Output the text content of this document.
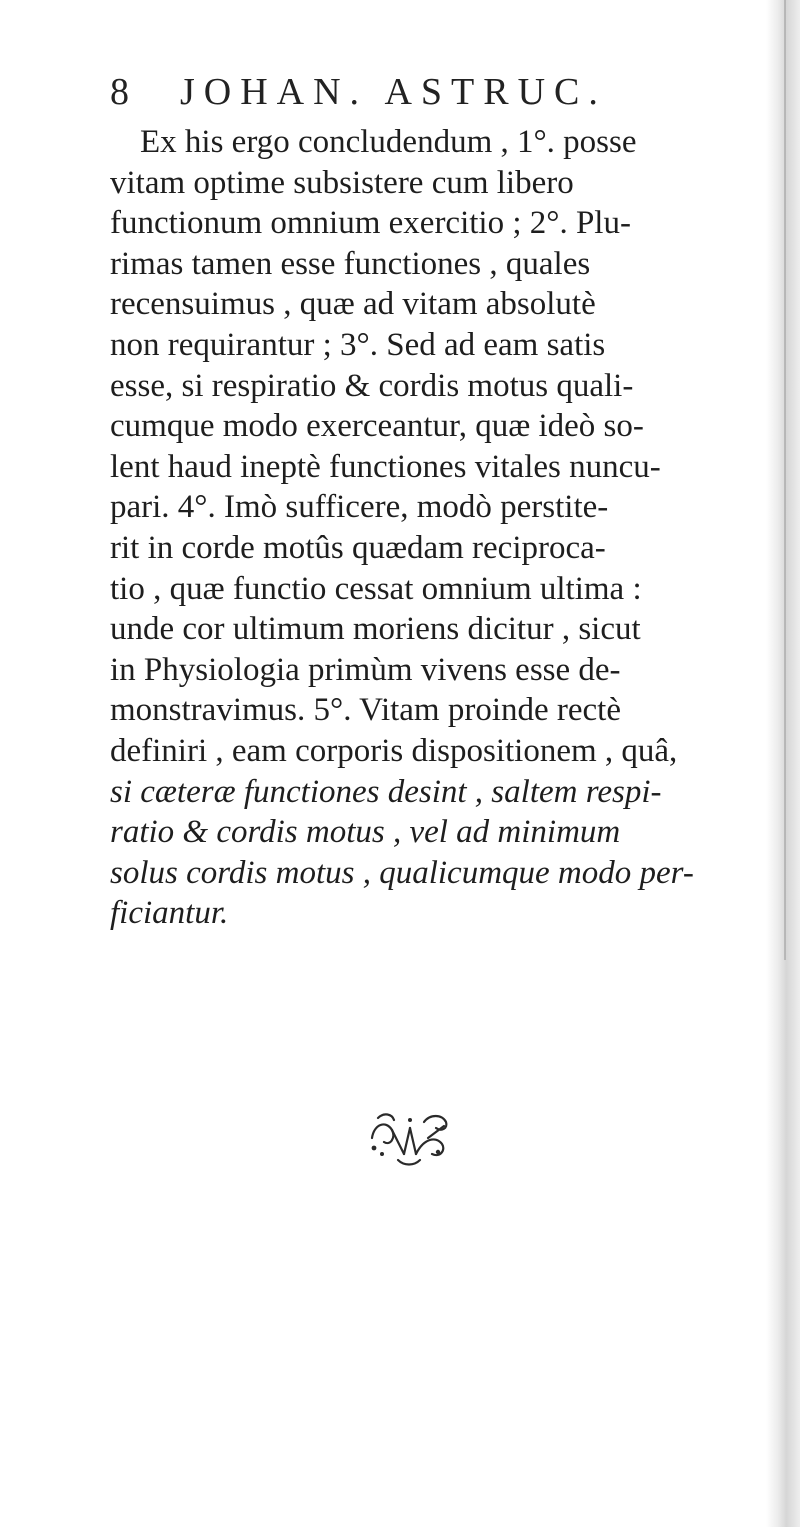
8 JOHAN. ASTRUC.
Ex his ergo concludendum , 1°. posse
vitam optime subsistere cum libero
functionum omnium exercitio ; 2°. Plu-
rimas tamen esse functiones , quales
recensuimus , quæ ad vitam absolutè
non requirantur ; 3°. Sed ad eam satis
esse, si respiratio & cordis motus quali-
cumque modo exerceantur, quæ ideò so-
lent haud ineptè functiones vitales nuncu-
pari. 4°. Imò sufficere, modò perstite-
rit in corde motûs quædam reciproca-
tio , quæ functio cessat omnium ultima :
unde cor ultimum moriens dicitur , sicut
in Physiologia primùm vivens esse de-
monstravimus. 5°. Vitam proinde rectè
definiri , eam corporis dispositionem , quâ,
si cæteræ functiones desint , saltem respi-
ratio & cordis motus , vel ad minimum
solus cordis motus , qualicumque modo per-
ficiantur.
